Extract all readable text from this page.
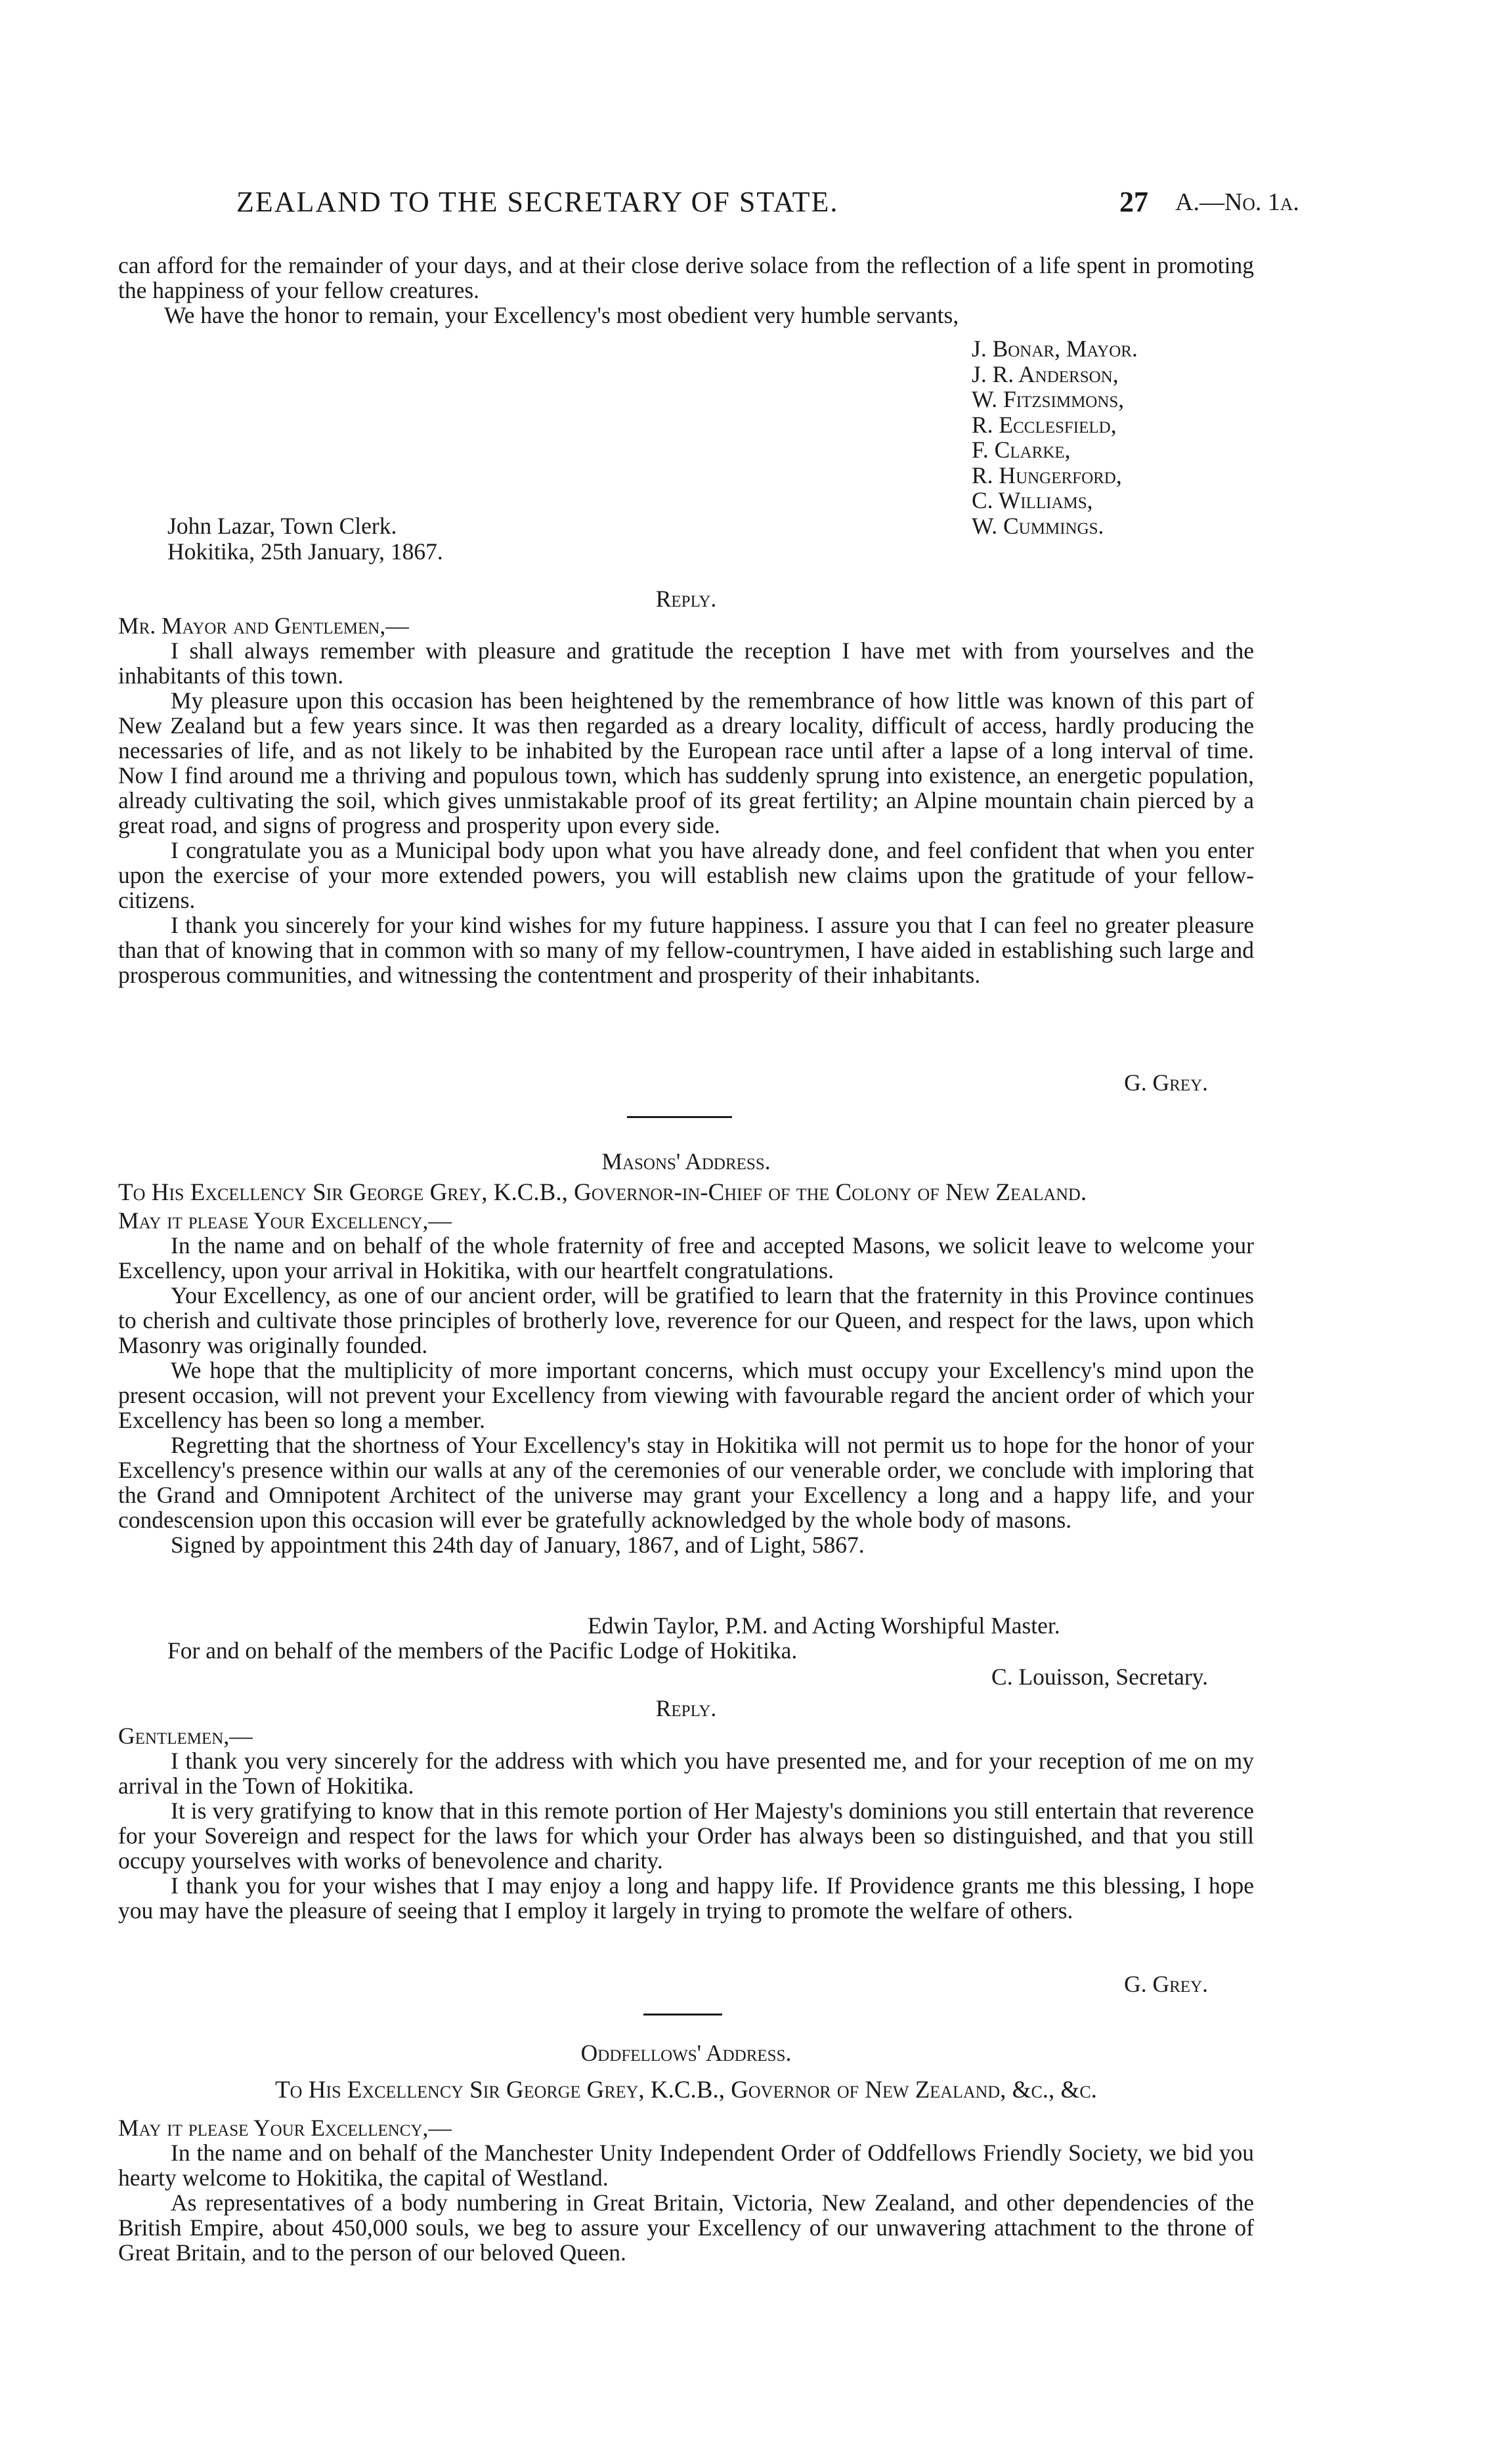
ZEALAND TO THE SECRETARY OF STATE.	27 A.—No. 1a.

can afford for the remainder of your days, and at their close derive solace from the reflection of a life spent in promoting the happiness of your fellow creatures.

We have the honor to remain, your Excellency's most obedient very humble servants,

J. Bonar, Mayor.
J. R. Anderson,
W. Fitzsimmons,
R. Ecclesfield,
F. Clarke,
R. Hungerford,
C. Williams,
W. Cummings.
John Lazar, Town Clerk.
Hokitika, 25th January, 1867.
Reply.

Mr. Mayor and Gentlemen,—

I shall always remember with pleasure and gratitude the reception I have met with from yourselves and the inhabitants of this town.

My pleasure upon this occasion has been heightened by the remembrance of how little was known of this part of New Zealand but a few years since. It was then regarded as a dreary locality, difficult of access, hardly producing the necessaries of life, and as not likely to be inhabited by the European race until after a lapse of a long interval of time. Now I find around me a thriving and populous town, which has suddenly sprung into existence, an energetic population, already cultivating the soil, which gives unmistakable proof of its great fertility; an Alpine mountain chain pierced by a great road, and signs of progress and prosperity upon every side.

I congratulate you as a Municipal body upon what you have already done, and feel confident that when you enter upon the exercise of your more extended powers, you will establish new claims upon the gratitude of your fellow-citizens.

I thank you sincerely for your kind wishes for my future happiness. I assure you that I can feel no greater pleasure than that of knowing that in common with so many of my fellow-countrymen, I have aided in establishing such large and prosperous communities, and witnessing the contentment and prosperity of their inhabitants.

G. Grey.
Masons' Address.

To His Excellency Sir George Grey, K.C.B., Governor-in-Chief of the Colony of New Zealand.

May it please Your Excellency,—

In the name and on behalf of the whole fraternity of free and accepted Masons, we solicit leave to welcome your Excellency, upon your arrival in Hokitika, with our heartfelt congratulations.

Your Excellency, as one of our ancient order, will be gratified to learn that the fraternity in this Province continues to cherish and cultivate those principles of brotherly love, reverence for our Queen, and respect for the laws, upon which Masonry was originally founded.

We hope that the multiplicity of more important concerns, which must occupy your Excellency's mind upon the present occasion, will not prevent your Excellency from viewing with favourable regard the ancient order of which your Excellency has been so long a member.

Regretting that the shortness of Your Excellency's stay in Hokitika will not permit us to hope for the honor of your Excellency's presence within our walls at any of the ceremonies of our venerable order, we conclude with imploring that the Grand and Omnipotent Architect of the universe may grant your Excellency a long and a happy life, and your condescension upon this occasion will ever be gratefully acknowledged by the whole body of masons.

Signed by appointment this 24th day of January, 1867, and of Light, 5867.

Edwin Taylor, P.M. and Acting Worshipful Master.
For and on behalf of the members of the Pacific Lodge of Hokitika.
C. Louisson, Secretary.
Reply.

Gentlemen,—

I thank you very sincerely for the address with which you have presented me, and for your reception of me on my arrival in the Town of Hokitika.

It is very gratifying to know that in this remote portion of Her Majesty's dominions you still entertain that reverence for your Sovereign and respect for the laws for which your Order has always been so distinguished, and that you still occupy yourselves with works of benevolence and charity.

I thank you for your wishes that I may enjoy a long and happy life. If Providence grants me this blessing, I hope you may have the pleasure of seeing that I employ it largely in trying to promote the welfare of others.

G. Grey.
Oddfellows' Address.
To His Excellency Sir George Grey, K.C.B., Governor of New Zealand, &c., &c.

May it please Your Excellency,—

In the name and on behalf of the Manchester Unity Independent Order of Oddfellows Friendly Society, we bid you hearty welcome to Hokitika, the capital of Westland.

As representatives of a body numbering in Great Britain, Victoria, New Zealand, and other dependencies of the British Empire, about 450,000 souls, we beg to assure your Excellency of our unwavering attachment to the throne of Great Britain, and to the person of our beloved Queen.
